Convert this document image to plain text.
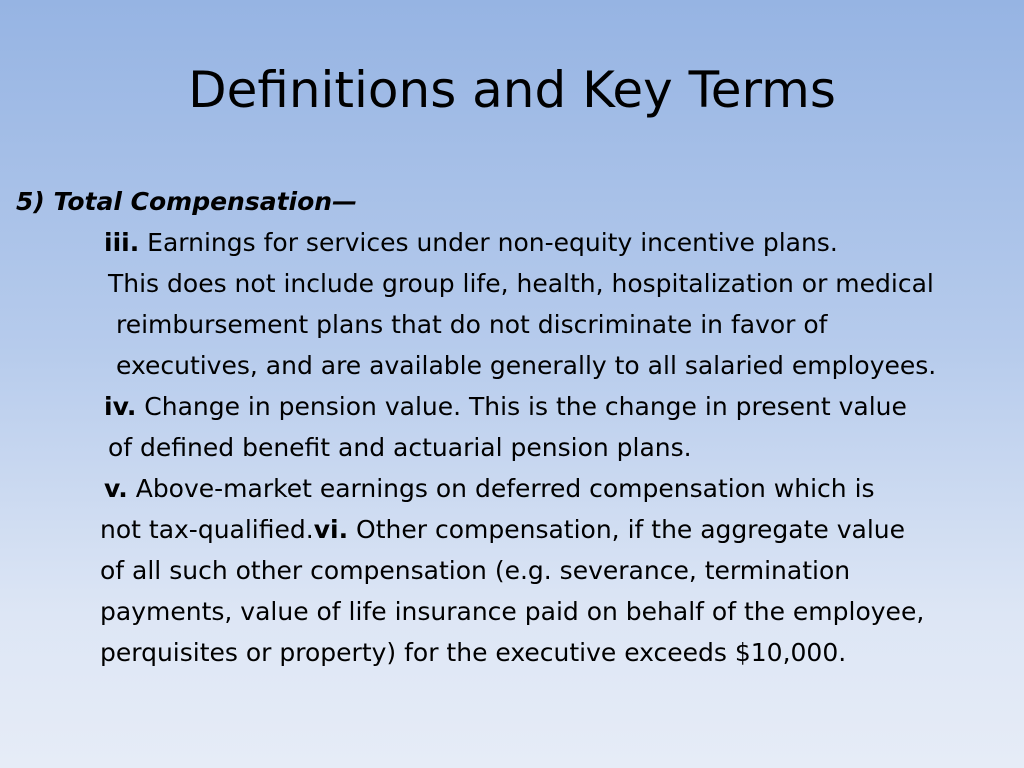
Definitions and Key Terms
5) Total Compensation—
iii. Earnings for services under non-equity incentive plans.
This does not include group life, health, hospitalization or medical
reimbursement plans that do not discriminate in favor of
executives, and are available generally to all salaried employees.
iv. Change in pension value. This is the change in present value
of defined benefit and actuarial pension plans.
v. Above-market earnings on deferred compensation which is
not tax-qualified.vi. Other compensation, if the aggregate value
of all such other compensation (e.g. severance, termination
payments, value of life insurance paid on behalf of the employee,
perquisites or property) for the executive exceeds $10,000.
